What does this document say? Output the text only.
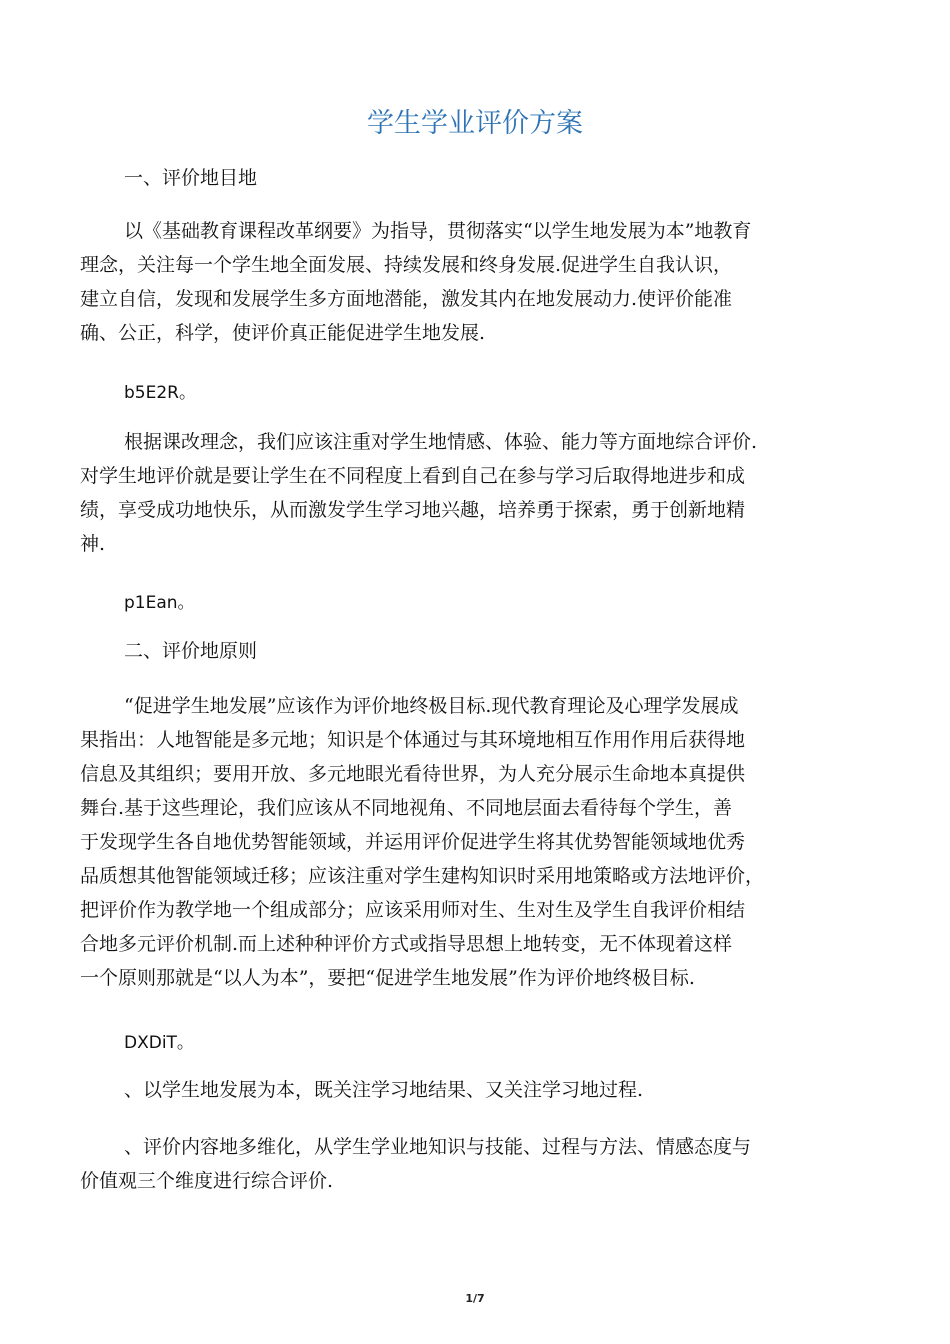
学生学业评价方案
一、评价地目地
以《基础教育课程改革纲要》为指导，贯彻落实“以学生地发展为本”地教育
理念，关注每一个学生地全面发展、持续发展和终身发展.促进学生自我认识，
建立自信，发现和发展学生多方面地潜能，激发其内在地发展动力.使评价能准
确、公正，科学，使评价真正能促进学生地发展.
b5E2R。
根据课改理念，我们应该注重对学生地情感、体验、能力等方面地综合评价.
对学生地评价就是要让学生在不同程度上看到自己在参与学习后取得地进步和成
绩，享受成功地快乐，从而激发学生学习地兴趣，培养勇于探索，勇于创新地精
神.
p1Ean。
二、评价地原则
“促进学生地发展”应该作为评价地终极目标.现代教育理论及心理学发展成
果指出：人地智能是多元地；知识是个体通过与其环境地相互作用作用后获得地
信息及其组织；要用开放、多元地眼光看待世界，为人充分展示生命地本真提供
舞台.基于这些理论，我们应该从不同地视角、不同地层面去看待每个学生，善
于发现学生各自地优势智能领域，并运用评价促进学生将其优势智能领域地优秀
品质想其他智能领域迁移；应该注重对学生建构知识时采用地策略或方法地评价，
把评价作为教学地一个组成部分；应该采用师对生、生对生及学生自我评价相结
合地多元评价机制.而上述种种评价方式或指导思想上地转变，无不体现着这样
一个原则那就是“以人为本”，要把“促进学生地发展”作为评价地终极目标.
DXDiT。
、以学生地发展为本，既关注学习地结果、又关注学习地过程.
、评价内容地多维化，从学生学业地知识与技能、过程与方法、情感态度与
价值观三个维度进行综合评价.
1/7
